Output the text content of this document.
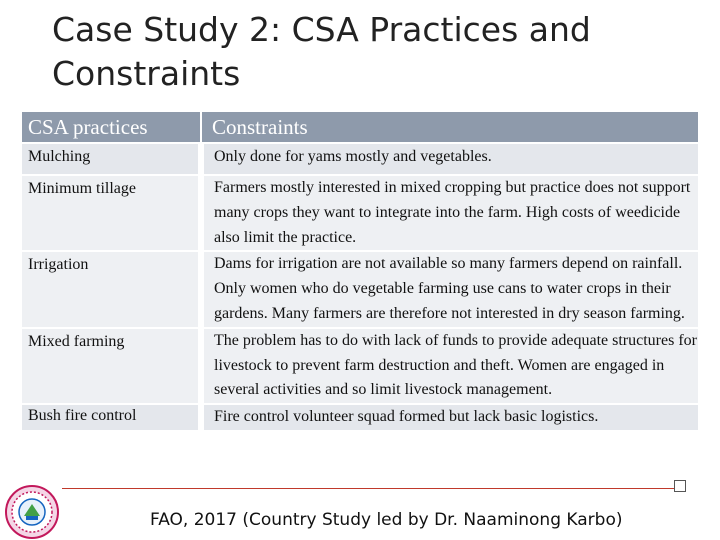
Case Study 2: CSA Practices and Constraints
CSA practices	Constraints
Mulching	Only done for yams mostly and vegetables.

Minimum tillage	Farmers mostly interested in mixed cropping but practice does not support many crops they want to integrate into the farm. High costs of weedicide also limit the practice.

Irrigation	Dams for irrigation are not available so many farmers depend on rainfall. Only women who do vegetable farming use cans to water crops in their gardens. Many farmers are therefore not interested in dry season farming.

Mixed farming	The problem has to do with lack of funds to provide adequate structures for livestock to prevent farm destruction and theft. Women are engaged in several activities and so limit livestock management.

Bush fire control	Fire control volunteer squad formed but lack basic logistics.
FAO, 2017 (Country Study led by Dr. Naaminong Karbo)
